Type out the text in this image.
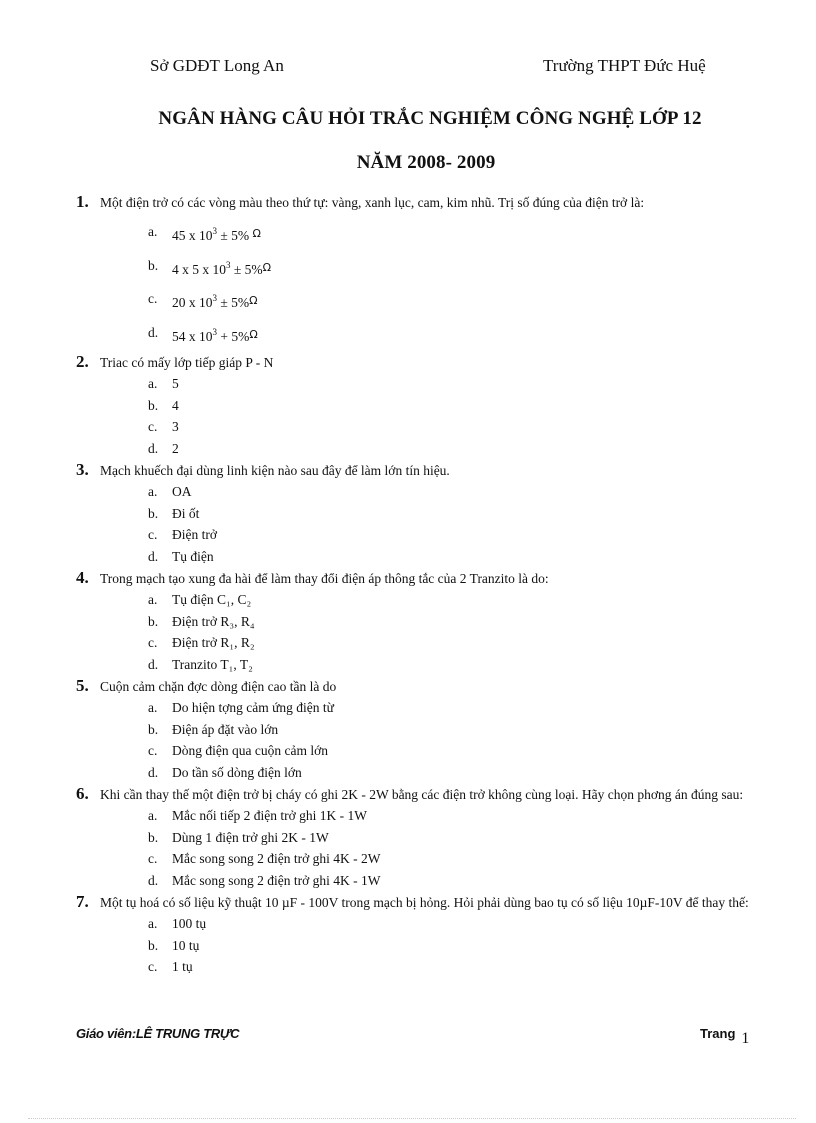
Sở GDĐT Long An	Trường THPT Đức Huệ
NGÂN HÀNG CÂU HỎI TRẮC NGHIỆM CÔNG NGHỆ LỚP 12
NĂM 2008- 2009
1. Một điện trở có các vòng màu theo thứ tự: vàng, xanh lục, cam, kim nhũ. Trị số đúng của điện trở là:
a. 45 x $10^3 \pm 5\%$ $^\Omega$
b. 4 x 5 x $10^3 \pm 5\%^\Omega$
c. 20 x $10^3 \pm 5\%^\Omega$
d. 54 x $10^3 + 5\%^\Omega$
2. Triac có mấy lớp tiếp giáp P - N
a. 5
b. 4
c. 3
d. 2
3. Mạch khuếch đại dùng linh kiện nào sau đây để làm lớn tín hiệu.
a. OA
b. Đi ốt
c. Điện trở
d. Tụ điện
4. Trong mạch tạo xung đa hài để làm thay đổi điện áp thông tắc của 2 Tranzito là do:
a. Tụ điện C₁, C₂
b. Điện trở R₃, R₄
c. Điện trở R₁, R₂
d. Tranzito T₁, T₂
5. Cuộn cảm chặn đợc dòng điện cao tần là do
a. Do hiện tợng cảm ứng điện từ
b. Điện áp đặt vào lớn
c. Dòng điện qua cuộn cảm lớn
d. Do tần số dòng điện lớn
6. Khi cần thay thế một điện trở bị cháy có ghi 2K - 2W bằng các điện trở không cùng loại. Hãy chọn phơng án đúng sau:
a. Mắc nối tiếp 2 điện trở ghi 1K - 1W
b. Dùng 1 điện trở ghi 2K - 1W
c. Mắc song song 2 điện trở ghi 4K - 2W
d. Mắc song song 2 điện trở ghi 4K - 1W
7. Một tụ hoá có số liệu kỹ thuật 10 µF - 100V trong mạch bị hỏng. Hỏi phải dùng bao tụ có số liệu 10µF-10V để thay thế:
a. 100 tụ
b. 10 tụ
c. 1 tụ
Giáo viên:LÊ TRUNG TRỰC	Trang 1
